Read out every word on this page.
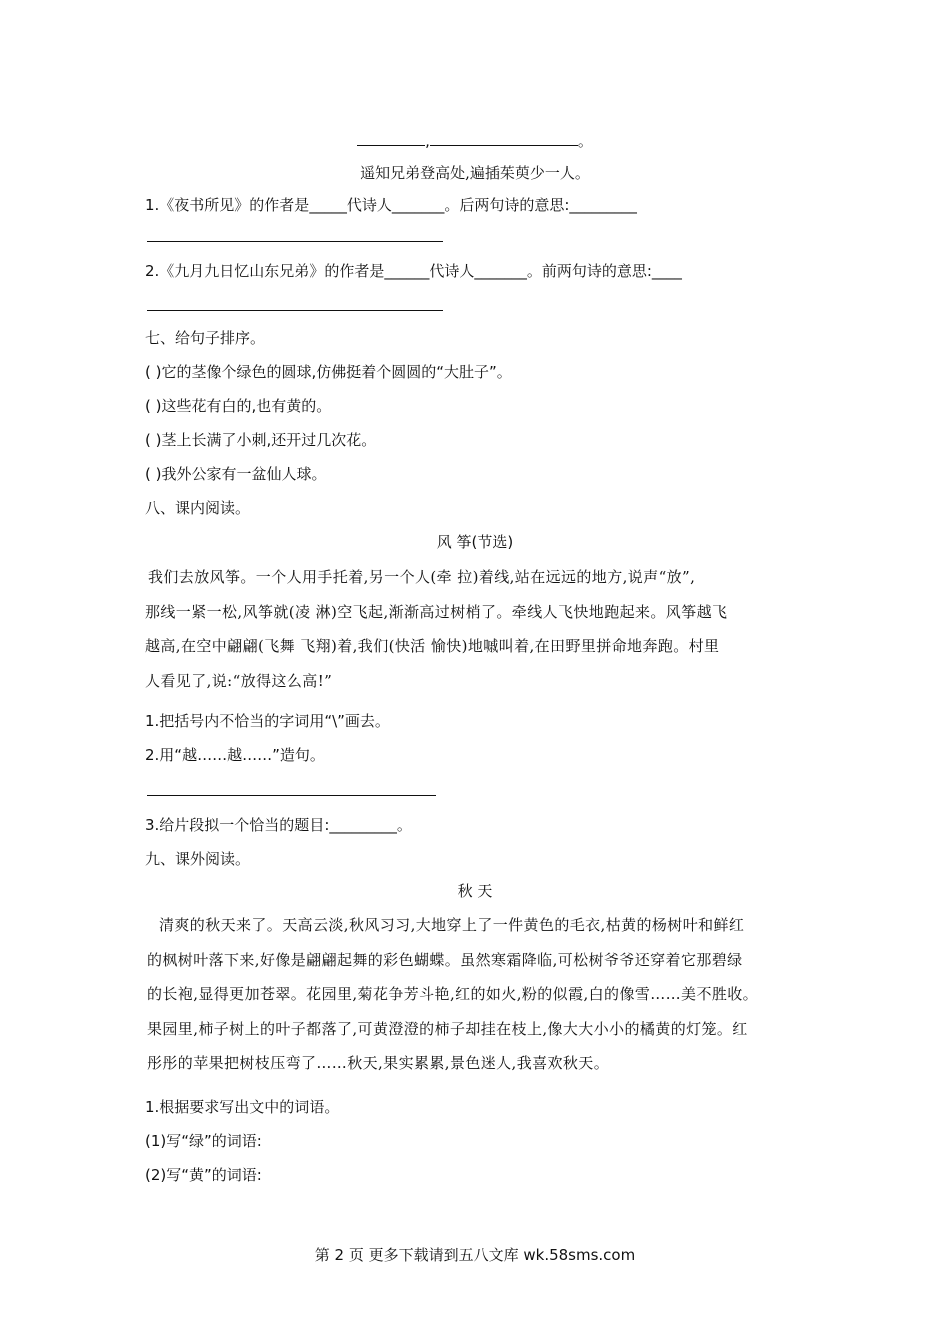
,	。
遥知兄弟登高处,遍插茱萸少一人。
1.《夜书所见》的作者是_____代诗人_______。后两句诗的意思:_________
2.《九月九日忆山东兄弟》的作者是______代诗人_______。前两句诗的意思:____
七、给句子排序。
( )它的茎像个绿色的圆球,仿佛挺着个圆圆的“大肚子”。
( )这些花有白的,也有黄的。
( )茎上长满了小刺,还开过几次花。
( )我外公家有一盆仙人球。
八、课内阅读。
风 筝(节选)

我们去放风筝。一个人用手托着,另一个人(牵 拉)着线,站在远远的地方,说声“放”,

那线一紧一松,风筝就(凌 淋)空飞起,渐渐高过树梢了。牵线人飞快地跑起来。风筝越飞

越高,在空中翩翩(飞舞 飞翔)着,我们(快活 愉快)地嘁叫着,在田野里拼命地奔跑。村里

人看见了,说:“放得这么高!”

1.把括号内不恰当的字词用“\”画去。
2.用“越……越……”造句。
3.给片段拟一个恰当的题目:_________。
九、课外阅读。
秋 天

清爽的秋天来了。天高云淡,秋风习习,大地穿上了一件黄色的毛衣,枯黄的杨树叶和鲜红

的枫树叶落下来,好像是翩翩起舞的彩色蝴蝶。虽然寒霜降临,可松树爷爷还穿着它那碧绿

的长袍,显得更加苍翠。花园里,菊花争芳斗艳,红的如火,粉的似霞,白的像雪……美不胜收。

果园里,柿子树上的叶子都落了,可黄澄澄的柿子却挂在枝上,像大大小小的橘黄的灯笼。红

彤彤的苹果把树枝压弯了……秋天,果实累累,景色迷人,我喜欢秋天。

1.根据要求写出文中的词语。
(1)写“绿”的词语:
(2)写“黄”的词语:
第 2 页 更多下载请到五八文库 wk.58sms.com
